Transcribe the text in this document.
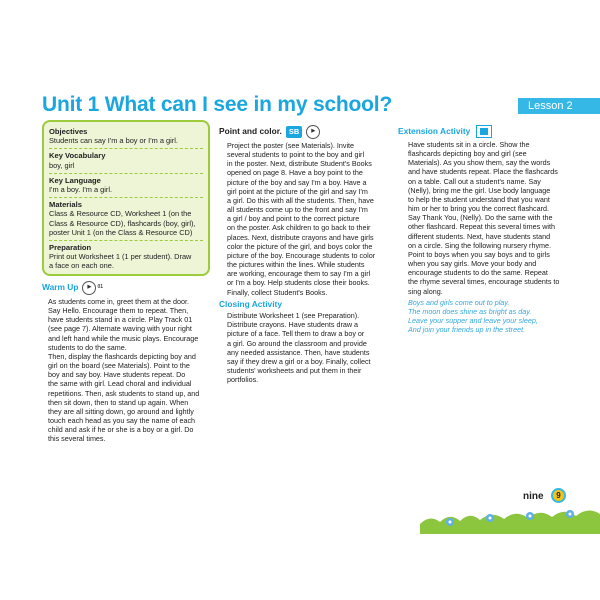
Unit 1 What can I see in my school?	Lesson 2
Objectives
Students can say I'm a boy or I'm a girl.
Key Vocabulary
boy, girl
Key Language
I'm a boy. I'm a girl.
Materials
Class & Resource CD, Worksheet 1 (on the
Class & Resource CD), flashcards (boy, girl),
poster Unit 1 (on the Class & Resource CD)
Preparation
Print out Worksheet 1 (1 per student). Draw
a face on each one.
Warm Up	▶	01

As students come in, greet them at the door.

Say Hello. Encourage them to repeat. Then,

have students stand in a circle. Play Track 01

(see page 7). Alternate waving with your right

and left hand while the music plays. Encourage

students to do the same.

Then, display the flashcards depicting boy and

girl on the board (see Materials). Point to the

boy and say boy. Have students repeat. Do

the same with girl. Lead choral and individual

repetitions. Then, ask students to stand up, and

then sit down, then to stand up again. When

they are all sitting down, go around and lightly

touch each head as you say the name of each

child and ask if he or she is a boy or a girl. Do

this several times.

Point and color. SB	▶

Project the poster (see Materials). Invite

several students to point to the boy and girl

in the poster. Next, distribute Student's Books

opened on page 8. Have a boy point to the

picture of the boy and say I'm a boy. Have a

girl point at the picture of the girl and say I'm

a girl. Do this with all the students. Then, have

all students come up to the front and say I'm

a girl / boy and point to the correct picture

on the poster. Ask children to go back to their

places. Next, distribute crayons and have girls

color the picture of the girl, and boys color the

picture of the boy. Encourage students to color

the pictures within the lines. While students

are working, encourage them to say I'm a girl

or I'm a boy. Help students close their books.

Finally, collect Student's Books.

Closing Activity

Distribute Worksheet 1 (see Preparation).

Distribute crayons. Have students draw a

picture of a face. Tell them to draw a boy or

a girl. Go around the classroom and provide

any needed assistance. Then, have students

say if they drew a girl or a boy. Finally, collect

students' worksheets and put them in their

portfolios.

Extension Activity

Have students sit in a circle. Show the

flashcards depicting boy and girl (see

Materials). As you show them, say the words

and have students repeat. Place the flashcards

on a table. Call out a student's name. Say

(Nelly), bring me the girl. Use body language

to help the student understand that you want

him or her to bring you the correct flashcard.

Say Thank You, (Nelly). Do the same with the

other flashcard. Repeat this several times with

different students. Next, have students stand

on a circle. Sing the following nursery rhyme.

Point to boys when you say boys and to girls

when you say girls. Move your body and

encourage students to do the same. Repeat

the rhyme several times, encourage students to

sing along.

Boys and girls come out to play.

The moon does shine as bright as day.

Leave your supper and leave your sleep,

And join your friends up in the street.

nine	9
